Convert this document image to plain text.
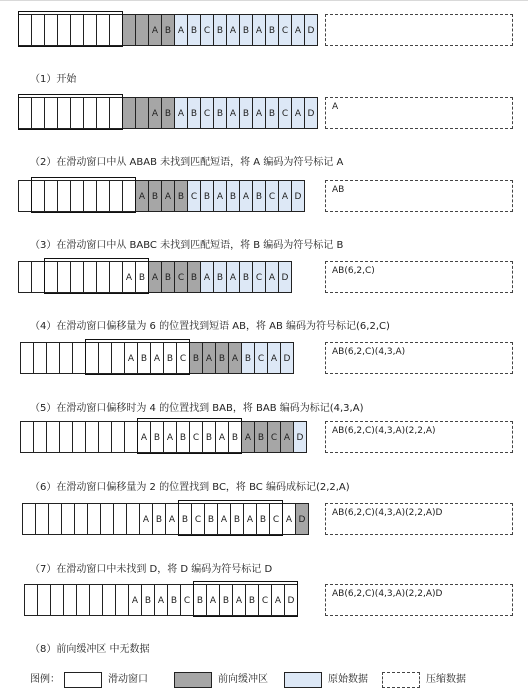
A B A B C B A B A B C A D
A B A B C B A B A B C A D
A
A B A B C B A B A B C A D
AB
A B A B C B A B A B C A D
AB(6,2,C)
A B A B C B A B A B C A D
AB(6,2,C)(4,3,A)
A B A B C B A B A B C A D
AB(6,2,C)(4,3,A)(2,2,A)
A B A B C B A B A B C A D
AB(6,2,C)(4,3,A)(2,2,A)D
A B A B C B A B A B C A D
AB(6,2,C)(4,3,A)(2,2,A)D
（1）开始
（2）在滑动窗口中从 ABAB 未找到匹配短语，将 A 编码为符号标记 A
（3）在滑动窗口中从 BABC 未找到匹配短语，将 B 编码为符号标记 B
（4）在滑动窗口偏移量为 6 的位置找到短语 AB，将 AB 编码为符号标记(6,2,C)
（5）在滑动窗口偏移时为 4 的位置找到 BAB，将 BAB 编码为标记(4,3,A)
（6）在滑动窗口偏移量为 2 的位置找到 BC，将 BC 编码成标记(2,2,A)
（7）在滑动窗口中未找到 D，将 D 编码为符号标记 D
（8）前向缓冲区 中无数据
图例：	滑动窗口	前向缓冲区	原始数据	压缩数据
